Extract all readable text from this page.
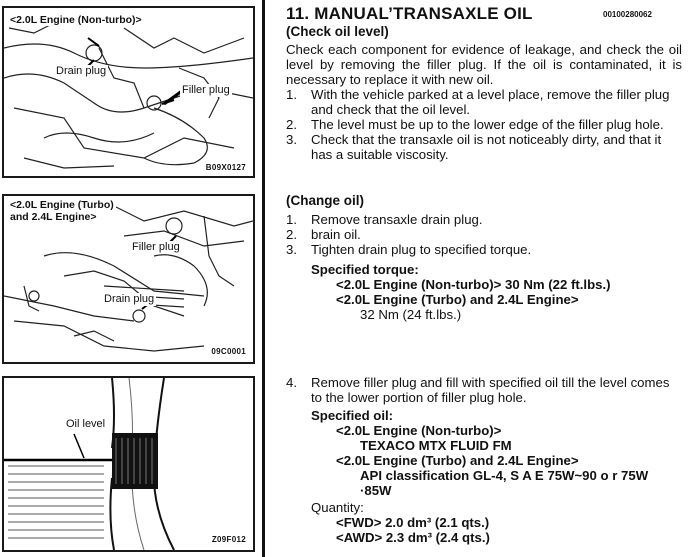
<2.0L Engine (Non-turbo)>
Drain plug
Filler plug
B09X0127
<2.0L Engine (Turbo)
and 2.4L Engine>
Filler plug
Drain plug
09C0001
Oil level
Z09F012

11. MANUAL’TRANSAXLE OIL

(Check oil level)

Check each component for evidence of leakage, and check the oil level by removing the filler plug. If the oil is contaminated, it is necessary to replace it with new oil.

1. With the vehicle parked at a level place, remove the filler plug and check that the oil level.
2. The level must be up to the lower edge of the filler plug hole.
3. Check that the transaxle oil is not noticeably dirty, and that it has a suitable viscosity.
00100280062

(Change oil)

1. Remove transaxle drain plug.
2. brain oil.
3. Tighten drain plug to specified torque.

Specified torque:

<2.0L Engine (Non-turbo)> 30 Nm (22 ft.lbs.)

<2.0L Engine (Turbo) and 2.4L Engine>

32 Nm (24 ft.lbs.)

4. Remove filler plug and fill with specified oil till the level comes to the lower portion of filler plug hole.

Specified oil:

<2.0L Engine (Non-turbo)>

TEXACO MTX FLUID FM

<2.0L Engine (Turbo) and 2.4L Engine>

API classification GL-4, S A E 75W~90 o r 75W ·85W

Quantity:

<FWD> 2.0 dm³ (2.1 qts.)

<AWD> 2.3 dm³ (2.4 qts.)
